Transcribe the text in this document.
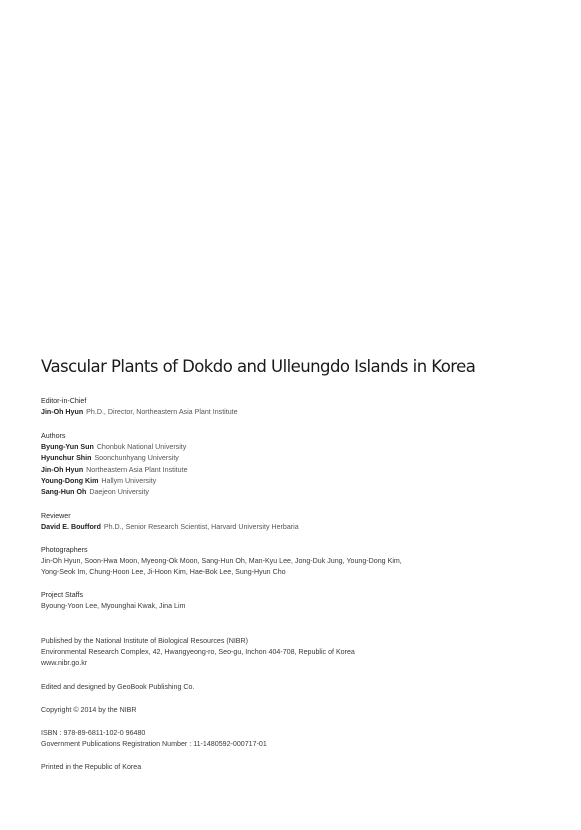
Vascular Plants of Dokdo and Ulleungdo Islands in Korea
Editor-in-Chief
Jin-Oh Hyun Ph.D., Director, Northeastern Asia Plant Institute
Authors
Byung-Yun Sun Chonbuk National University
Hyunchur Shin Soonchunhyang University
Jin-Oh Hyun Northeastern Asia Plant Institute
Young-Dong Kim Hallym University
Sang-Hun Oh Daejeon University
Reviewer
David E. Boufford Ph.D., Senior Research Scientist, Harvard University Herbaria
Photographers
Jin-Oh Hyun, Soon-Hwa Moon, Myeong-Ok Moon, Sang-Hun Oh, Man-Kyu Lee, Jong-Duk Jung, Young-Dong Kim,
Yong-Seok Im, Chung-Hoon Lee, Ji-Hoon Kim, Hae-Bok Lee, Sung-Hyun Cho
Project Staffs
Byoung-Yoon Lee, Myounghai Kwak, Jina Lim
Published by the National Institute of Biological Resources (NIBR)
Environmental Research Complex, 42, Hwangyeong-ro, Seo-gu, Inchon 404-708, Republic of Korea
www.nibr.go.kr
Edited and designed by GeoBook Publishing Co.
Copyright © 2014 by the NIBR
ISBN : 978-89-6811-102-0 96480
Government Publications Registration Number : 11-1480592-000717-01
Printed in the Republic of Korea
